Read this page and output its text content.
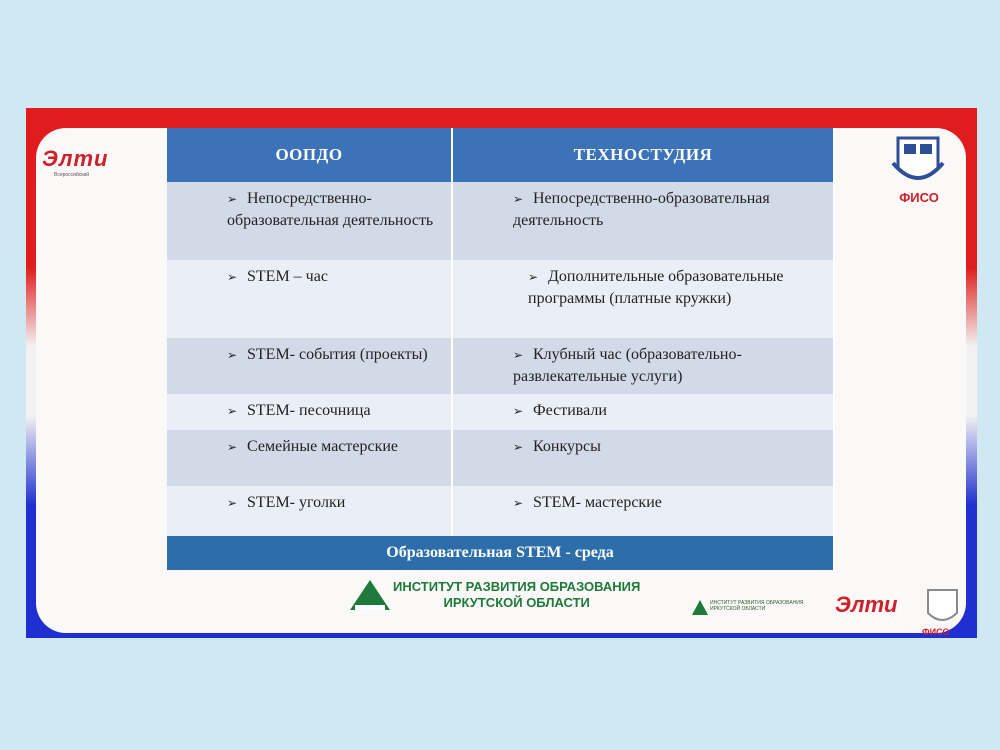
Элти
Всероссийский
ФИСО
ООПДО	ТЕХНОСТУДИЯ
➢ Непосредственно-образовательная деятельность	➢ Непосредственно-образовательная деятельность
➢ STEM – час	➢ Дополнительные образовательные программы (платные кружки)
➢ STEM- события (проекты)	➢ Клубный час (образовательно-развлекательные услуги)
➢ STEM- песочница	➢ Фестивали
➢ Семейные мастерские	➢ Конкурсы
➢ STEM- уголки	➢ STEM- мастерские
Образовательная STEM - среда	
ИНСТИТУТ РАЗВИТИЯ ОБРАЗОВАНИЯ
ИРКУТСКОЙ ОБЛАСТИ	ИНСТИТУТ РАЗВИТИЯ ОБРАЗОВАНИЯ
ИРКУТСКОЙ ОБЛАСТИ	Элти
ФИСО
